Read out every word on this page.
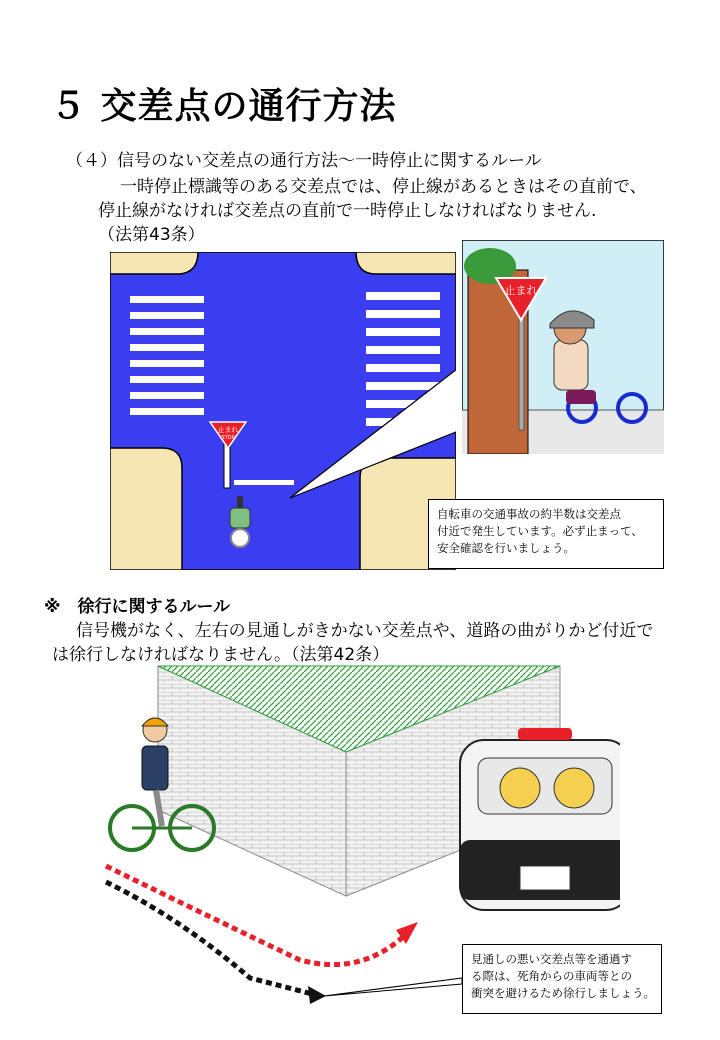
５ 交差点の通行方法
（４）信号のない交差点の通行方法〜一時停止に関するルール
一時停止標識等のある交差点では、停止線があるときはその直前で、
停止線がなければ交差点の直前で一時停止しなければなりません.
（法第43条）
止まれ
STOP
止まれ
自転車の交通事故の約半数は交差点
付近で発生しています。必ず止まって、
安全確認を行いましょう。
※　徐行に関するルール
信号機がなく、左右の見通しがきかない交差点や、道路の曲がりかど付近で
は徐行しなければなりません。（法第42条）
見通しの悪い交差点等を通過す
る際は、死角からの車両等との
衝突を避けるため徐行しましょう。
